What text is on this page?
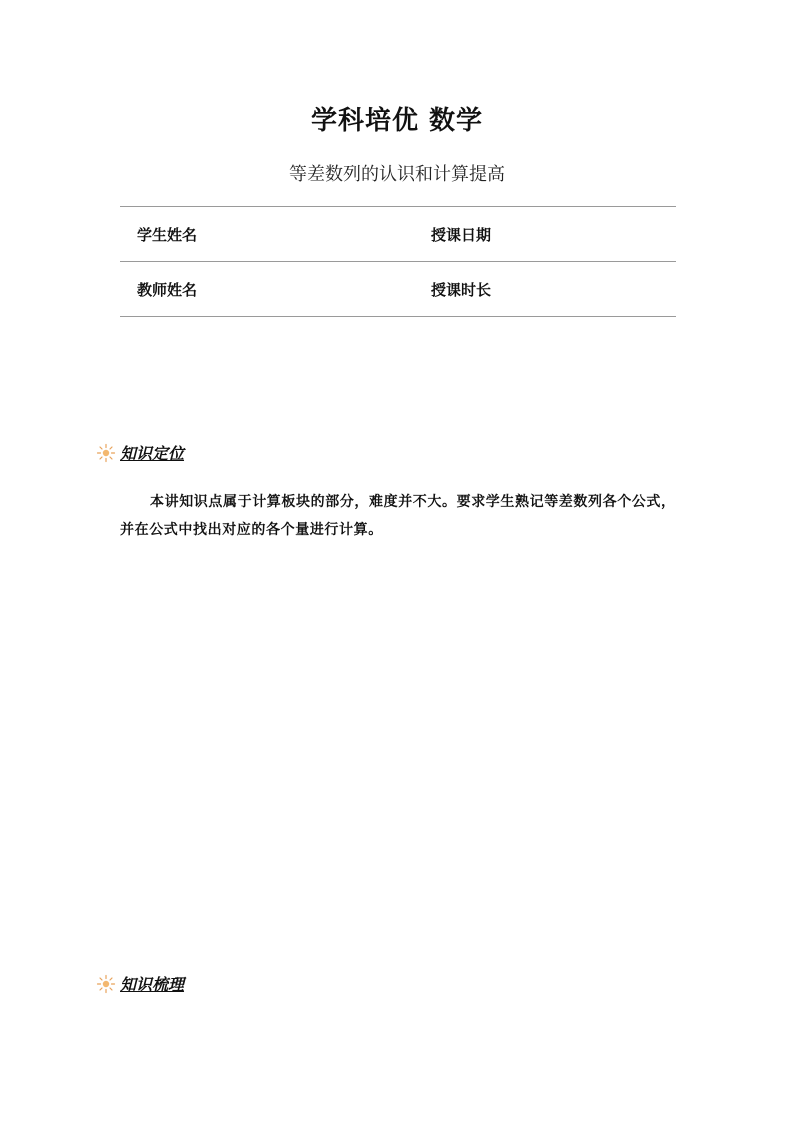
学科培优 数学
等差数列的认识和计算提高
学生姓名	授课日期
教师姓名	授课时长
知识定位
本讲知识点属于计算板块的部分，难度并不大。要求学生熟记等差数列各个公式，并在公式中找出对应的各个量进行计算。
知识梳理
